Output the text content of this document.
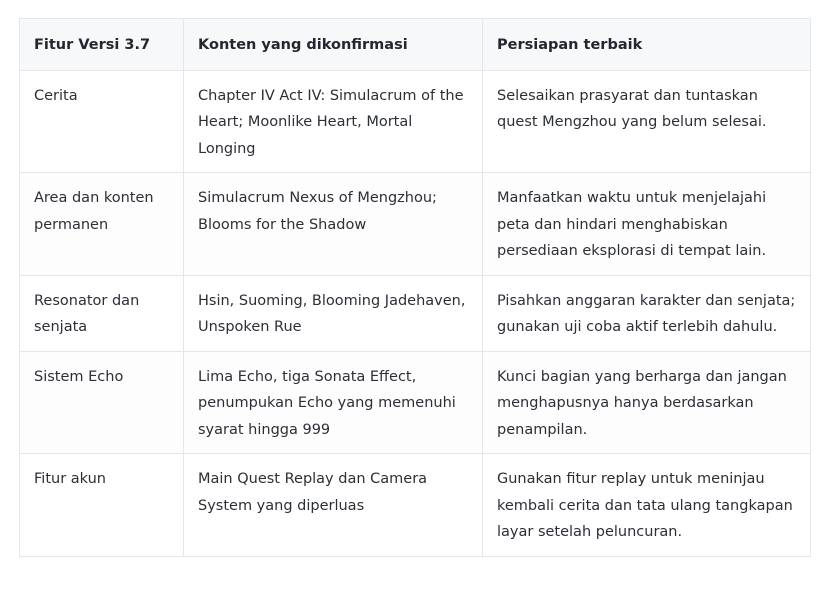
Fitur Versi 3.7	Konten yang dikonfirmasi	Persiapan terbaik
Cerita	Chapter IV Act IV: Simulacrum of the Heart; Moonlike Heart, Mortal Longing	Selesaikan prasyarat dan tuntaskan quest Mengzhou yang belum selesai.
Area dan konten permanen	Simulacrum Nexus of Mengzhou; Blooms for the Shadow	Manfaatkan waktu untuk menjelajahi peta dan hindari menghabiskan persediaan eksplorasi di tempat lain.
Resonator dan senjata	Hsin, Suoming, Blooming Jadehaven, Unspoken Rue	Pisahkan anggaran karakter dan senjata; gunakan uji coba aktif terlebih dahulu.
Sistem Echo	Lima Echo, tiga Sonata Effect, penumpukan Echo yang memenuhi syarat hingga 999	Kunci bagian yang berharga dan jangan menghapusnya hanya berdasarkan penampilan.
Fitur akun	Main Quest Replay dan Camera System yang diperluas	Gunakan fitur replay untuk meninjau kembali cerita dan tata ulang tangkapan layar setelah peluncuran.
